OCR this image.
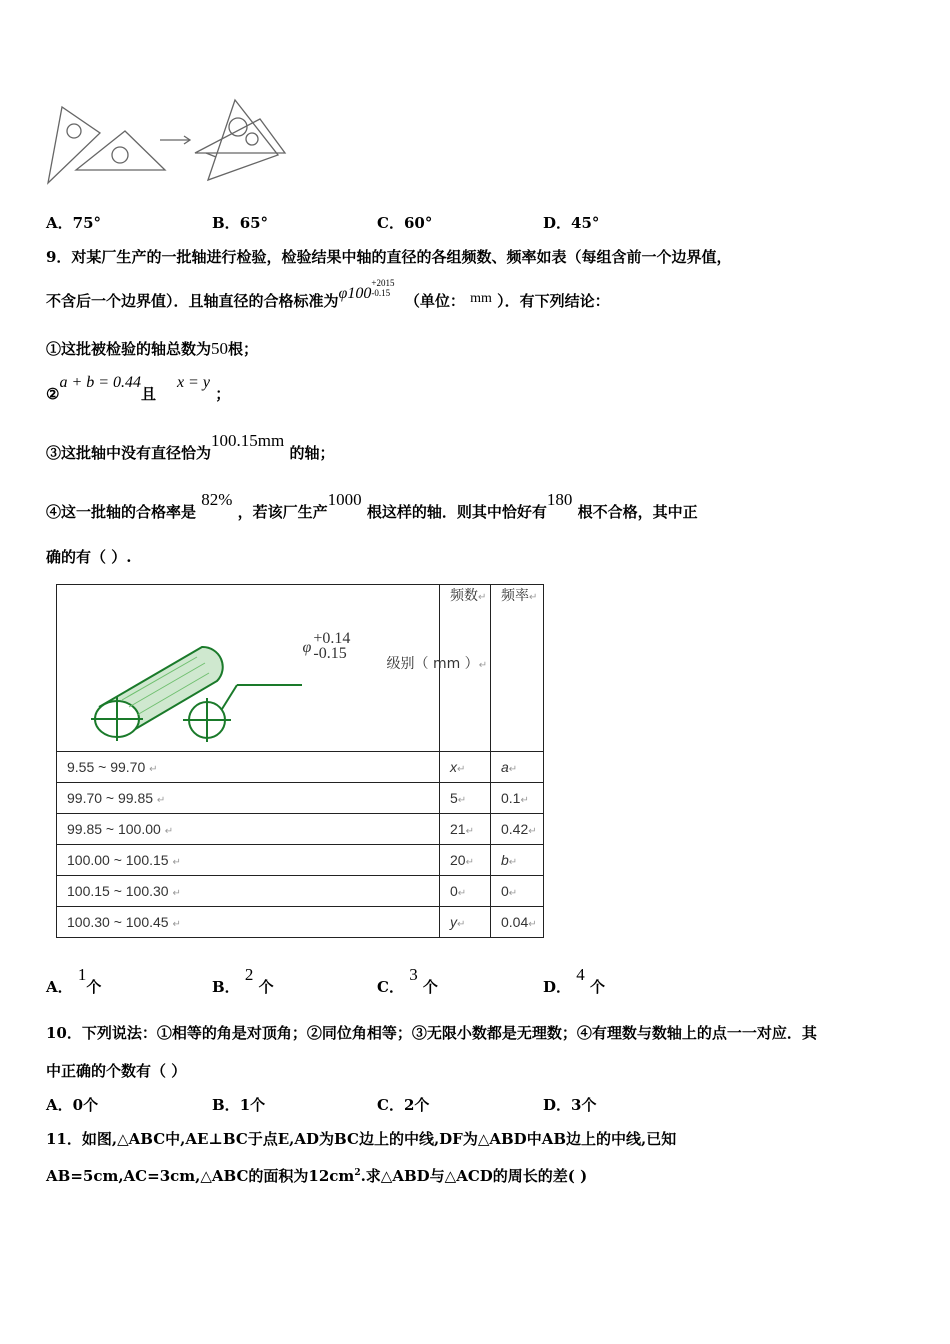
A．75°	B．65°	C．60°	D．45°
9．对某厂生产的一批轴进行检验，检验结果中轴的直径的各组频数、频率如表（每组含前一个边界值，
不含后一个边界值）．且轴直径的合格标准为φ100
+2015
-0.15 （单位： mm ）．有下列结论：
①这批被检验的轴总数为50根；
②a + b = 0.44且    x = y ；
③这批轴中没有直径恰为100.15mm 的轴；
④这一批轴的合格率是 82% ，若该厂生产1000 根这样的轴．则其中恰好有180 根不合格，其中正
确的有（ ）.
φ
+0.14
-0.15
级别（ mm ）↵	频数↵	频率↵
9.55 ~ 99.70 ↵	x↵	a↵
99.70 ~ 99.85 ↵	5↵	0.1↵
99.85 ~ 100.00 ↵	21↵	0.42↵
100.00 ~ 100.15 ↵	20↵	b↵
100.15 ~ 100.30 ↵	0↵	0↵
100.30 ~ 100.45 ↵	y↵	0.04↵
A． 1个	B． 2 个	C． 3 个	D． 4 个
10．下列说法：①相等的角是对顶角；②同位角相等；③无限小数都是无理数；④有理数与数轴上的点一一对应．其
中正确的个数有（ ）
A．0个	B．1个	C．2个	D．3个
11．如图,△ABC中,AE⊥BC于点E,AD为BC边上的中线,DF为△ABD中AB边上的中线,已知
AB=5cm,AC=3cm,△ABC的面积为$12cm^2$.求△ABD与△ACD的周长的差( )
